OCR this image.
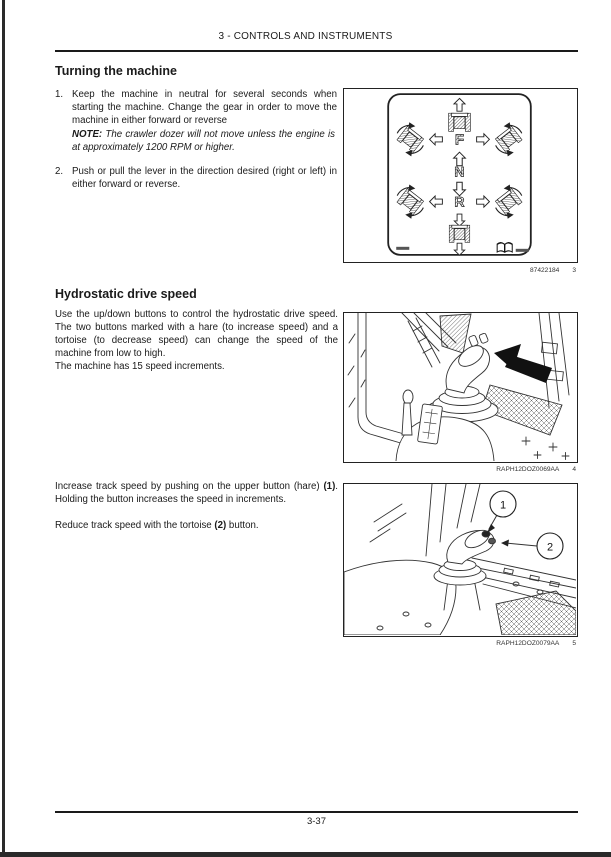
3 - CONTROLS AND INSTRUMENTS
Turning the machine
1. Keep the machine in neutral for several seconds when starting the machine. Change the gear in order to move the machine in either forward or reverse

NOTE: The crawler dozer will not move unless the engine is at approximately 1200 RPM or higher.
2. Push or pull the lever in the direction desired (right or left) in either forward or reverse.

F
N
R
87422184 3
Hydrostatic drive speed

Use the up/down buttons to control the hydrostatic drive speed. The two buttons marked with a hare (to increase speed) and a tortoise (to decrease speed) can change the speed of the machine from low to high.

The machine has 15 speed increments.

RAPH12DOZ0069AA 4

Increase track speed by pushing on the upper button (hare) (1). Holding the button increases the speed in increments.

Reduce track speed with the tortoise (2) button.

1
2
RAPH12DOZ0079AA 5
3-37
